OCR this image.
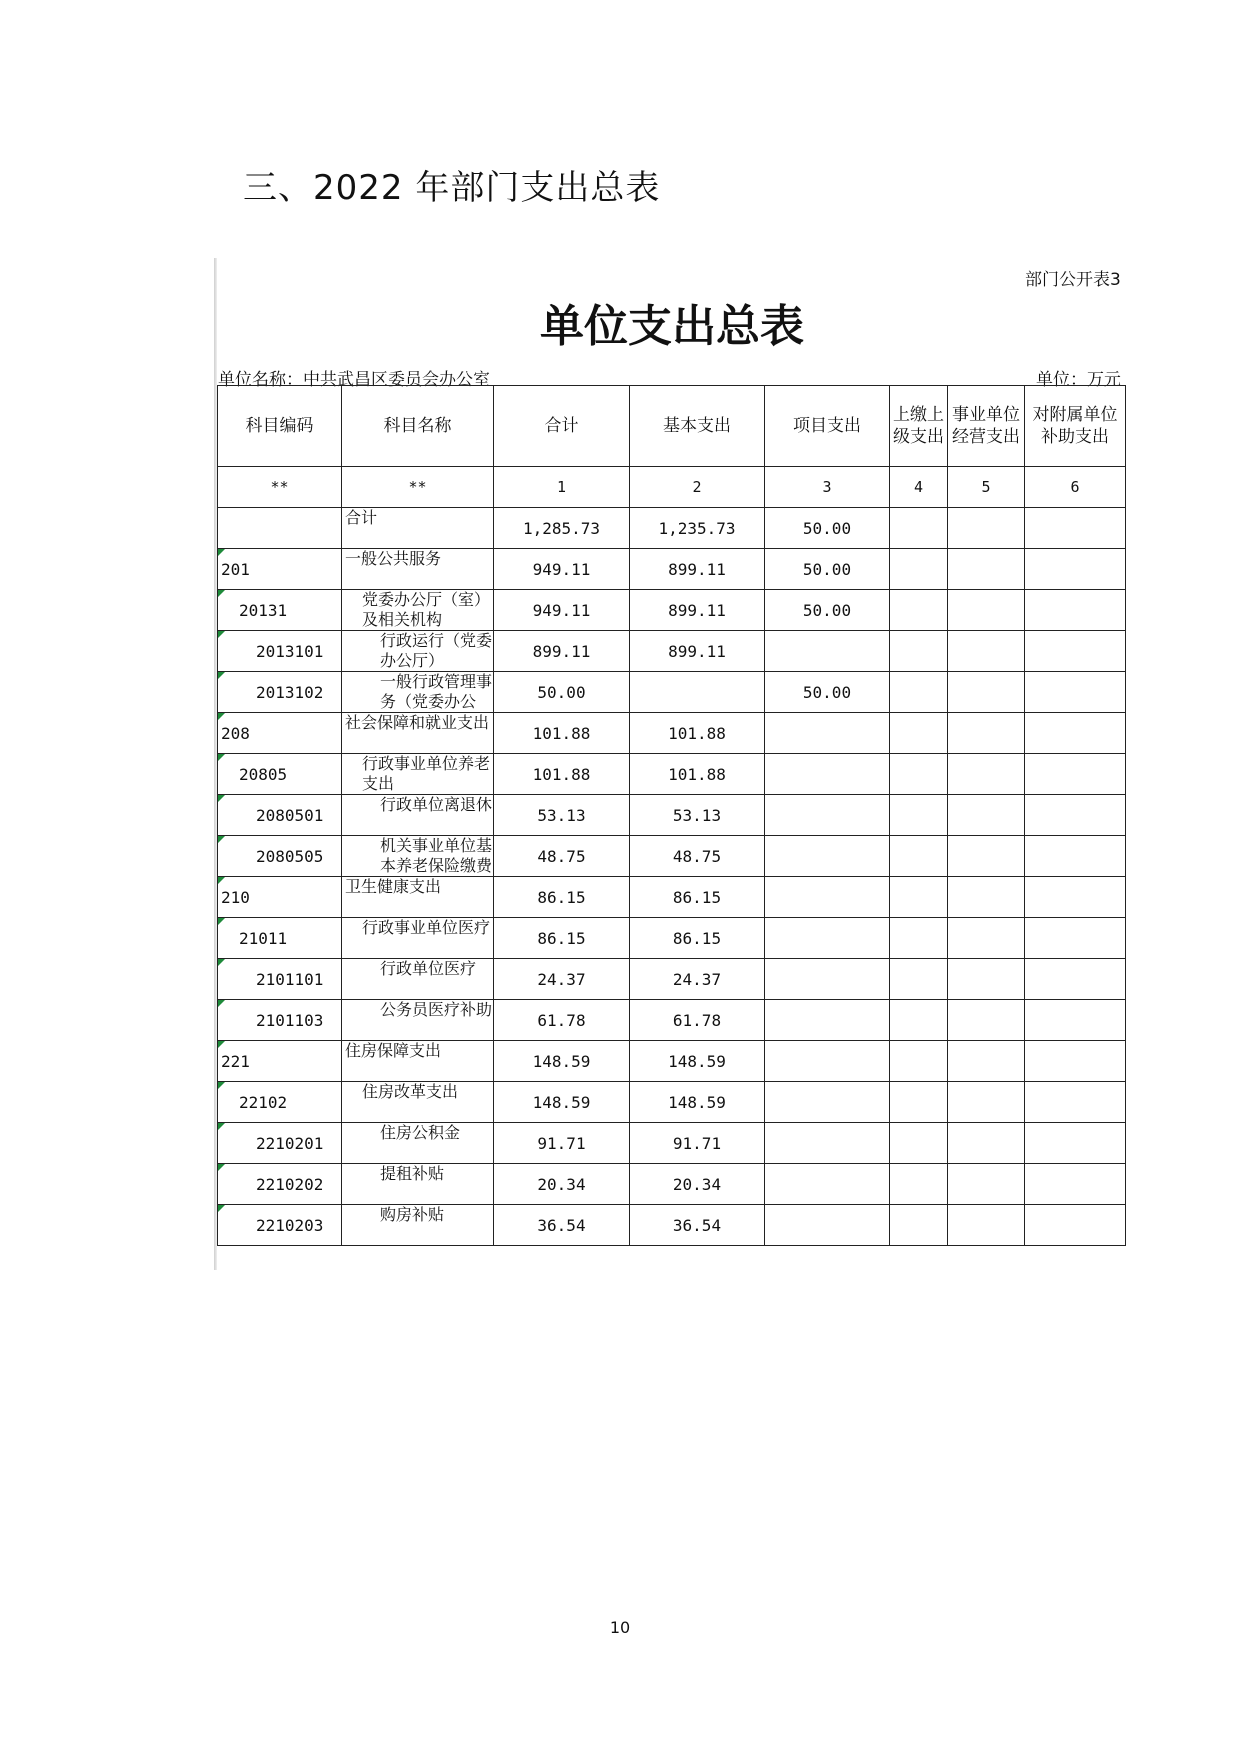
三、2022 年部门支出总表
部门公开表3
单位支出总表
单位名称：中共武昌区委员会办公室	单位：万元
科目编码	科目名称	合计	基本支出	项目支出	上缴上级支出	事业单位经营支出	对附属单位补助支出
**	**	1	2	3	4	5	6

	合计	1,285.73	1,235.73	50.00			

201	一般公共服务	949.11	899.11	50.00			

20131	党委办公厅（室）及相关机构	949.11	899.11	50.00			

2013101	行政运行（党委办公厅）	899.11	899.11				

2013102	一般行政管理事务（党委办公	50.00		50.00			

208	社会保障和就业支出	101.88	101.88				

20805	行政事业单位养老支出	101.88	101.88				

2080501	行政单位离退休	53.13	53.13				

2080505	机关事业单位基本养老保险缴费	48.75	48.75				

210	卫生健康支出	86.15	86.15				

21011	行政事业单位医疗	86.15	86.15				

2101101	行政单位医疗	24.37	24.37				

2101103	公务员医疗补助	61.78	61.78				

221	住房保障支出	148.59	148.59				

22102	住房改革支出	148.59	148.59				

2210201	住房公积金	91.71	91.71				

2210202	提租补贴	20.34	20.34				

2210203	购房补贴	36.54	36.54				
10
